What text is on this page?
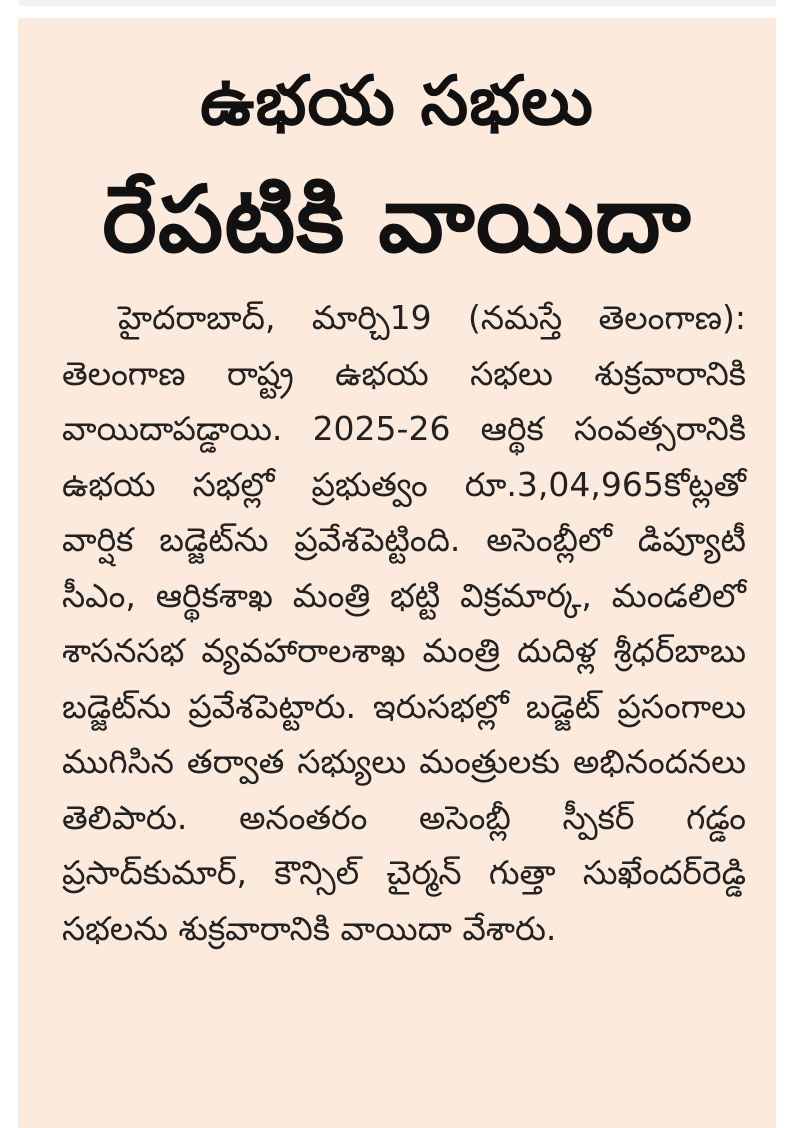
ఉభయ సభలు
రేపటికి వాయిదా

హైదరాబాద్, మార్చి19 (నమస్తే తెలంగాణ): తెలంగాణ రాష్ట్ర ఉభయ సభలు శుక్రవారానికి వాయిదాపడ్డాయి. 2025-26 ఆర్థిక సంవత్సరానికి ఉభయ సభల్లో ప్రభుత్వం రూ.3,04,965కోట్లతో వార్షిక బడ్జెట్‌ను ప్రవేశపెట్టింది. అసెంబ్లీలో డిప్యూటీ సీఎం, ఆర్థికశాఖ మంత్రి భట్టి విక్రమార్క, మండలిలో శాసనసభ వ్యవహారాలశాఖ మంత్రి దుదిళ్ల శ్రీధర్‌బాబు బడ్జెట్‌ను ప్రవేశపెట్టారు. ఇరుసభల్లో బడ్జెట్ ప్రసంగాలు ముగిసిన తర్వాత సభ్యులు మంత్రులకు అభినందనలు తెలిపారు. అనంతరం అసెంబ్లీ స్పీకర్ గడ్డం ప్రసాద్‌కుమార్, కౌన్సిల్ చైర్మన్ గుత్తా సుఖేందర్‌రెడ్డి సభలను శుక్రవారానికి వాయిదా వేశారు.
